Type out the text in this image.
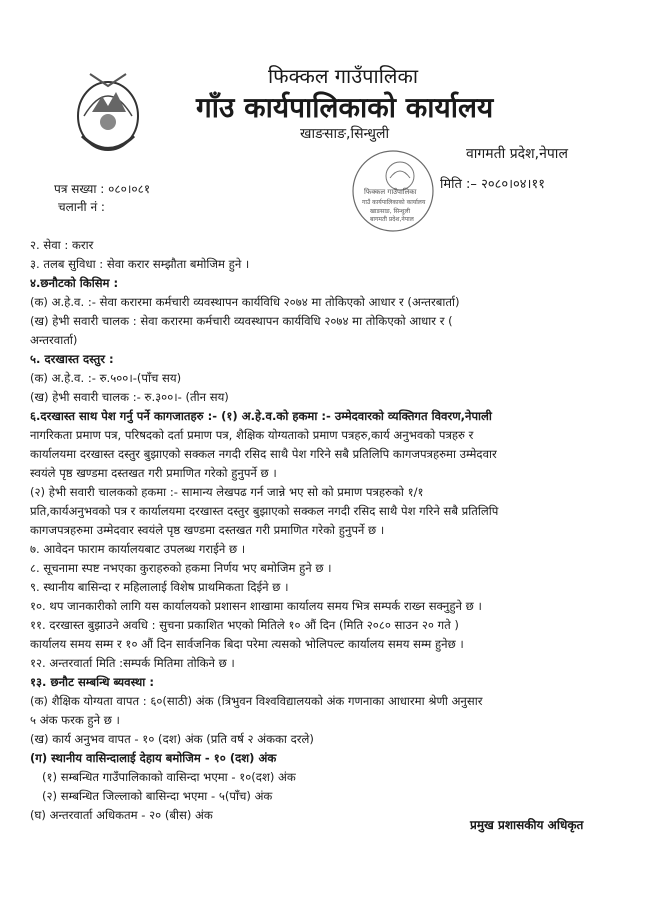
फिक्कल गाउँपालिका
गाँउ कार्यपालिकाको कार्यालय
खाङसाङ,सिन्धुली
वागमती प्रदेश,नेपाल
फिक्कल गाउँपालिका
गाउँ कार्यपालिकाको कार्यालय
खाङसाङ, सिन्धुली
बागमती प्रदेश,नेपाल
पत्र सख्या : ०८०।०८१
चलानी नं :
मिति :– २०८०।०४।११

२. सेवा : करार

३. तलब सुविधा : सेवा करार सम्झौता बमोजिम हुने ।

४.छनौटको किसिम :

(क) अ.हे.व. :- सेवा करारमा कर्मचारी व्यवस्थापन कार्यविधि २०७४ मा तोकिएको आधार र (अन्तरबार्ता)

(ख) हेभी सवारी चालक : सेवा करारमा कर्मचारी व्यवस्थापन कार्यविधि २०७४ मा तोकिएको आधार र (

अन्तरवार्ता)

५. दरखास्त दस्तुर :

(क) अ.हे.व. :- रु.५००।-(पाँच सय)

(ख) हेभी सवारी चालक :- रु.३००।- (तीन सय)

६.दरखास्त साथ पेश गर्नु पर्ने कागजातहरु :- (१) अ.हे.व.को हकमा :- उम्मेदवारको व्यक्तिगत विवरण,नेपाली

नागरिकता प्रमाण पत्र, परिषदको दर्ता प्रमाण पत्र, शैक्षिक योग्यताको प्रमाण पत्रहरु,कार्य अनुभवको पत्रहरु र

कार्यालयमा दरखास्त दस्तुर बुझाएको सक्कल नगदी रसिद साथै पेश गरिने सबै प्रतिलिपि कागजपत्रहरुमा उम्मेदवार

स्वयंले पृष्ठ खण्डमा दस्तखत गरी प्रमाणित गरेको हुनुपर्ने छ ।

(२) हेभी सवारी चालकको हकमा :- सामान्य लेखपढ गर्न जान्ने भए सो को प्रमाण पत्रहरुको १/१

प्रति,कार्यअनुभवको पत्र र कार्यालयमा दरखास्त दस्तुर बुझाएको सक्कल नगदी रसिद साथै पेश गरिने सबै प्रतिलिपि

कागजपत्रहरुमा उम्मेदवार स्वयंले पृष्ठ खण्डमा दस्तखत गरी प्रमाणित गरेको हुनुपर्ने छ ।

७. आवेदन फाराम कार्यालयबाट उपलब्ध गराईने छ ।

८. सूचनामा स्पष्ट नभएका कुराहरुको हकमा निर्णय भए बमोजिम हुने छ ।

९. स्थानीय बासिन्दा र महिलालाई विशेष प्राथमिकता दिईने छ ।

१०. थप जानकारीको लागि यस कार्यालयको प्रशासन शाखामा कार्यालय समय भित्र सम्पर्क राख्न सक्नुहुने छ ।

११. दरखास्त बुझाउने अवधि : सुचना प्रकाशित भएको मितिले १० औं दिन (मिति २०८० साउन २० गते )

कार्यालय समय सम्म र १० औं दिन सार्वजनिक बिदा परेमा त्यसको भोलिपल्ट कार्यालय समय सम्म हुनेछ ।

१२. अन्तरवार्ता मिति :सम्पर्क मितिमा तोकिने छ ।

१३. छनौट सम्बन्धि ब्यवस्था :

(क) शैक्षिक योग्यता वापत : ६०(साठी) अंक (त्रिभुवन विश्वविद्यालयको अंक गणनाका आधारमा श्रेणी अनुसार

५ अंक फरक हुने छ ।

(ख) कार्य अनुभव वापत - १० (दश) अंक (प्रति वर्ष २ अंकका दरले)

(ग) स्थानीय वासिन्दालाई देहाय बमोजिम - १० (दश) अंक

(१) सम्बन्धित गाउँपालिकाको वासिन्दा भएमा - १०(दश) अंक

(२) सम्बन्धित जिल्लाको बासिन्दा भएमा - ५(पाँच) अंक

(घ) अन्तरवार्ता अधिकतम - २० (बीस) अंक

प्रमुख प्रशासकीय अधिकृत
